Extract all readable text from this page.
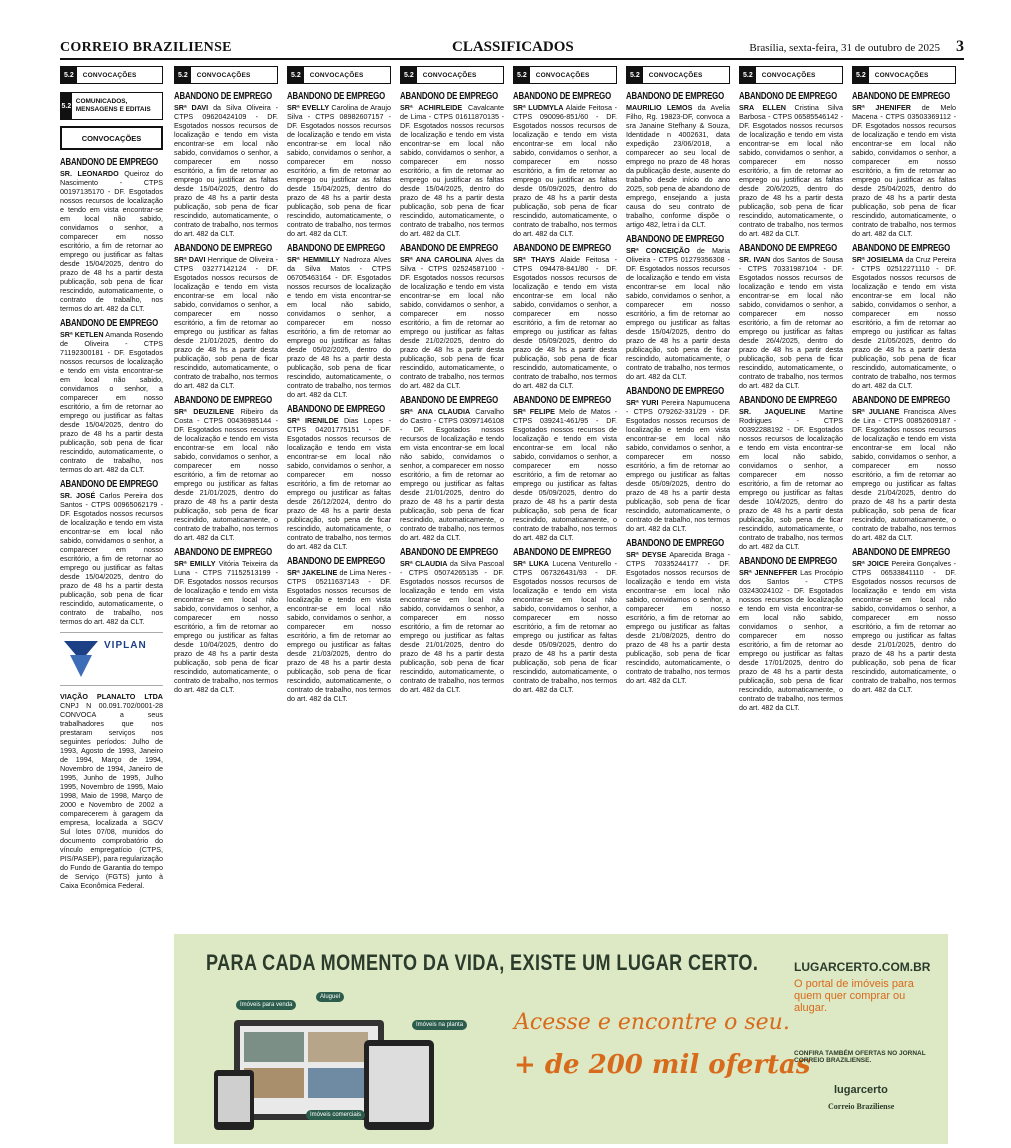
CORREIO BRAZILIENSE	CLASSIFICADOS	Brasília, sexta-feira, 31 de outubro de 2025 3
5.2	CONVOCAÇÕES
5.2
COMUNICADOS, MENSAGENS E EDITAIS
CONVOCAÇÕES
ABANDONO DE EMPREGO
SR. LEONARDO Queiroz do Nascimento - CTPS 00197135170 - DF. Esgotados nossos recursos de localização e tendo em vista encontrar-se em local não sabido, convidamos o senhor, a comparecer em nosso escritório, a fim de retornar ao emprego ou justificar as faltas desde 15/04/2025, dentro do prazo de 48 hs a partir desta publicação, sob pena de ficar rescindido, automaticamente, o contrato de trabalho, nos termos do art. 482 da CLT.
ABANDONO DE EMPREGO
SRª KETLEN Amanda Rosendo de Oliveira - CTPS 71192300181 - DF. Esgotados nossos recursos de localização e tendo em vista encontrar-se em local não sabido, convidamos o senhor, a comparecer em nosso escritório, a fim de retornar ao emprego ou justificar as faltas desde 15/04/2025, dentro do prazo de 48 hs a partir desta publicação, sob pena de ficar rescindido, automaticamente, o contrato de trabalho, nos termos do art. 482 da CLT.
ABANDONO DE EMPREGO
SR. JOSÉ Carlos Pereira dos Santos - CTPS 00965062179 - DF. Esgotados nossos recursos de localização e tendo em vista encontrar-se em local não sabido, convidamos o senhor, a comparecer em nosso escritório, a fim de retornar ao emprego ou justificar as faltas desde 15/04/2025, dentro do prazo de 48 hs a partir desta publicação, sob pena de ficar rescindido, automaticamente, o contrato de trabalho, nos termos do art. 482 da CLT.
VIPLAN
VIAÇÃO PLANALTO LTDA CNPJ N 00.091.702/0001-28 CONVOCA a seus trabalhadores que nos prestaram serviços nos seguintes períodos: Julho de 1993, Agosto de 1993, Janeiro de 1994, Março de 1994, Novembro de 1994, Janeiro de 1995, Junho de 1995, Julho 1995, Novembro de 1995, Maio 1998, Maio de 1998, Março de 2000 e Novembro de 2002 a comparecerem à garagem da empresa, localizada a SGCV Sul lotes 07/08, munidos do documento comprobatório do vínculo empregatício (CTPS, PIS/PASEP), para regularização do Fundo de Garantia do tempo de Serviço (FGTS) junto à Caixa Econômica Federal.
5.2	CONVOCAÇÕES
ABANDONO DE EMPREGO
SRª DAVI da Silva Oliveira - CTPS 09620424109 - DF. Esgotados nossos recursos de localização e tendo em vista encontrar-se em local não sabido, convidamos o senhor, a comparecer em nosso escritório, a fim de retornar ao emprego ou justificar as faltas desde 15/04/2025, dentro do prazo de 48 hs a partir desta publicação, sob pena de ficar rescindido, automaticamente, o contrato de trabalho, nos termos do art. 482 da CLT.
ABANDONO DE EMPREGO
SRª DAVI Henrique de Oliveira - CTPS 03277142124 - DF. Esgotados nossos recursos de localização e tendo em vista encontrar-se em local não sabido, convidamos o senhor, a comparecer em nosso escritório, a fim de retornar ao emprego ou justificar as faltas desde 21/01/2025, dentro do prazo de 48 hs a partir desta publicação, sob pena de ficar rescindido, automaticamente, o contrato de trabalho, nos termos do art. 482 da CLT.
ABANDONO DE EMPREGO
SRª DEUZILENE Ribeiro da Costa - CTPS 00436985144 - DF. Esgotados nossos recursos de localização e tendo em vista encontrar-se em local não sabido, convidamos o senhor, a comparecer em nosso escritório, a fim de retornar ao emprego ou justificar as faltas desde 21/01/2025, dentro do prazo de 48 hs a partir desta publicação, sob pena de ficar rescindido, automaticamente, o contrato de trabalho, nos termos do art. 482 da CLT.
ABANDONO DE EMPREGO
SRª EMILLY Vitória Teixeira da Luna - CTPS 71152513199 - DF. Esgotados nossos recursos de localização e tendo em vista encontrar-se em local não sabido, convidamos o senhor, a comparecer em nosso escritório, a fim de retornar ao emprego ou justificar as faltas desde 10/04/2025, dentro do prazo de 48 hs a partir desta publicação, sob pena de ficar rescindido, automaticamente, o contrato de trabalho, nos termos do art. 482 da CLT.
5.2	CONVOCAÇÕES
ABANDONO DE EMPREGO
SRª EVELLY Carolina de Araujo Silva - CTPS 08982607157 - DF. Esgotados nossos recursos de localização e tendo em vista encontrar-se em local não sabido, convidamos o senhor, a comparecer em nosso escritório, a fim de retornar ao emprego ou justificar as faltas desde 15/04/2025, dentro do prazo de 48 hs a partir desta publicação, sob pena de ficar rescindido, automaticamente, o contrato de trabalho, nos termos do art. 482 da CLT.
ABANDONO DE EMPREGO
SRª HEMMILLY Nadroza Alves da Silva Matos - CTPS 06705463164 - DF. Esgotados nossos recursos de localização e tendo em vista encontrar-se em local não sabido, convidamos o senhor, a comparecer em nosso escritório, a fim de retornar ao emprego ou justificar as faltas desde 05/02/2025, dentro do prazo de 48 hs a partir desta publicação, sob pena de ficar rescindido, automaticamente, o contrato de trabalho, nos termos do art. 482 da CLT.
ABANDONO DE EMPREGO
SRª IRENILDE Dias Lopes - CTPS 04201775151 - DF. Esgotados nossos recursos de localização e tendo em vista encontrar-se em local não sabido, convidamos o senhor, a comparecer em nosso escritório, a fim de retornar ao emprego ou justificar as faltas desde 26/12/2024, dentro do prazo de 48 hs a partir desta publicação, sob pena de ficar rescindido, automaticamente, o contrato de trabalho, nos termos do art. 482 da CLT.
ABANDONO DE EMPREGO
SRª JAKELINE de Lima Neres - CTPS 05211637143 - DF. Esgotados nossos recursos de localização e tendo em vista encontrar-se em local não sabido, convidamos o senhor, a comparecer em nosso escritório, a fim de retornar ao emprego ou justificar as faltas desde 21/03/2025, dentro do prazo de 48 hs a partir desta publicação, sob pena de ficar rescindido, automaticamente, o contrato de trabalho, nos termos do art. 482 da CLT.
5.2	CONVOCAÇÕES
ABANDONO DE EMPREGO
SRª ACHIRLEIDE Cavalcante de Lima - CTPS 01611870135 - DF. Esgotados nossos recursos de localização e tendo em vista encontrar-se em local não sabido, convidamos o senhor, a comparecer em nosso escritório, a fim de retornar ao emprego ou justificar as faltas desde 15/04/2025, dentro do prazo de 48 hs a partir desta publicação, sob pena de ficar rescindido, automaticamente, o contrato de trabalho, nos termos do art. 482 da CLT.
ABANDONO DE EMPREGO
SRª ANA CAROLINA Alves da Silva - CTPS 02524587100 - DF. Esgotados nossos recursos de localização e tendo em vista encontrar-se em local não sabido, convidamos o senhor, a comparecer em nosso escritório, a fim de retornar ao emprego ou justificar as faltas desde 21/02/2025, dentro do prazo de 48 hs a partir desta publicação, sob pena de ficar rescindido, automaticamente, o contrato de trabalho, nos termos do art. 482 da CLT.
ABANDONO DE EMPREGO
SRª ANA CLAUDIA Carvalho do Castro - CTPS 03097146108 - DF. Esgotados nossos recursos de localização e tendo em vista encontrar-se em local não sabido, convidamos o senhor, a comparecer em nosso escritório, a fim de retornar ao emprego ou justificar as faltas desde 21/01/2025, dentro do prazo de 48 hs a partir desta publicação, sob pena de ficar rescindido, automaticamente, o contrato de trabalho, nos termos do art. 482 da CLT.
ABANDONO DE EMPREGO
SRª CLAUDIA da Silva Pascoal - CTPS 05074265135 - DF. Esgotados nossos recursos de localização e tendo em vista encontrar-se em local não sabido, convidamos o senhor, a comparecer em nosso escritório, a fim de retornar ao emprego ou justificar as faltas desde 21/01/2025, dentro do prazo de 48 hs a partir desta publicação, sob pena de ficar rescindido, automaticamente, o contrato de trabalho, nos termos do art. 482 da CLT.
5.2	CONVOCAÇÕES
ABANDONO DE EMPREGO
SRª LUDMYLA Alaide Feitosa - CTPS 090096-851/60 - DF. Esgotados nossos recursos de localização e tendo em vista encontrar-se em local não sabido, convidamos o senhor, a comparecer em nosso escritório, a fim de retornar ao emprego ou justificar as faltas desde 05/09/2025, dentro do prazo de 48 hs a partir desta publicação, sob pena de ficar rescindido, automaticamente, o contrato de trabalho, nos termos do art. 482 da CLT.
ABANDONO DE EMPREGO
SRª THAYS Alaide Feitosa - CTPS 094478-841/80 - DF. Esgotados nossos recursos de localização e tendo em vista encontrar-se em local não sabido, convidamos o senhor, a comparecer em nosso escritório, a fim de retornar ao emprego ou justificar as faltas desde 05/09/2025, dentro do prazo de 48 hs a partir desta publicação, sob pena de ficar rescindido, automaticamente, o contrato de trabalho, nos termos do art. 482 da CLT.
ABANDONO DE EMPREGO
SRª FELIPE Melo de Matos - CTPS 039241-461/95 - DF. Esgotados nossos recursos de localização e tendo em vista encontrar-se em local não sabido, convidamos o senhor, a comparecer em nosso escritório, a fim de retornar ao emprego ou justificar as faltas desde 05/09/2025, dentro do prazo de 48 hs a partir desta publicação, sob pena de ficar rescindido, automaticamente, o contrato de trabalho, nos termos do art. 482 da CLT.
ABANDONO DE EMPREGO
SRª LUKA Lucena Venturello - CTPS 067326431/93 - DF. Esgotados nossos recursos de localização e tendo em vista encontrar-se em local não sabido, convidamos o senhor, a comparecer em nosso escritório, a fim de retornar ao emprego ou justificar as faltas desde 05/09/2025, dentro do prazo de 48 hs a partir desta publicação, sob pena de ficar rescindido, automaticamente, o contrato de trabalho, nos termos do art. 482 da CLT.
5.2	CONVOCAÇÕES
ABANDONO DE EMPREGO
MAURILIO LEMOS da Avelia Filho, Rg. 19823-DF, convoca a sra Janaine Stefhany & Souza, Identidade n 4002631, data expedição 23/06/2018, a comparecer ao seu local de emprego no prazo de 48 horas da publicação deste, ausente do trabalho desde início do ano 2025, sob pena de abandono de emprego, ensejando a justa causa do seu contrato de trabalho, conforme dispõe o artigo 482, letra i da CLT.
ABANDONO DE EMPREGO
SRª CONCEIÇÃO de Maria Oliveira - CTPS 01279356308 - DF. Esgotados nossos recursos de localização e tendo em vista encontrar-se em local não sabido, convidamos o senhor, a comparecer em nosso escritório, a fim de retornar ao emprego ou justificar as faltas desde 15/04/2025, dentro do prazo de 48 hs a partir desta publicação, sob pena de ficar rescindido, automaticamente, o contrato de trabalho, nos termos do art. 482 da CLT.
ABANDONO DE EMPREGO
SRª YURI Pereira Napumucena - CTPS 079262-331/29 - DF. Esgotados nossos recursos de localização e tendo em vista encontrar-se em local não sabido, convidamos o senhor, a comparecer em nosso escritório, a fim de retornar ao emprego ou justificar as faltas desde 05/09/2025, dentro do prazo de 48 hs a partir desta publicação, sob pena de ficar rescindido, automaticamente, o contrato de trabalho, nos termos do art. 482 da CLT.
ABANDONO DE EMPREGO
SRª DEYSE Aparecida Braga - CTPS 70335244177 - DF. Esgotados nossos recursos de localização e tendo em vista encontrar-se em local não sabido, convidamos o senhor, a comparecer em nosso escritório, a fim de retornar ao emprego ou justificar as faltas desde 21/08/2025, dentro do prazo de 48 hs a partir desta publicação, sob pena de ficar rescindido, automaticamente, o contrato de trabalho, nos termos do art. 482 da CLT.
5.2	CONVOCAÇÕES
ABANDONO DE EMPREGO
SRA ELLEN Cristina Silva Barbosa - CTPS 06585546142 - DF. Esgotados nossos recursos de localização e tendo em vista encontrar-se em local não sabido, convidamos o senhor, a comparecer em nosso escritório, a fim de retornar ao emprego ou justificar as faltas desde 20/6/2025, dentro do prazo de 48 hs a partir desta publicação, sob pena de ficar rescindido, automaticamente, o contrato de trabalho, nos termos do art. 482 da CLT.
ABANDONO DE EMPREGO
SR. IVAN dos Santos de Sousa - CTPS 70331987104 - DF. Esgotados nossos recursos de localização e tendo em vista encontrar-se em local não sabido, convidamos o senhor, a comparecer em nosso escritório, a fim de retornar ao emprego ou justificar as faltas desde 26/4/2025, dentro do prazo de 48 hs a partir desta publicação, sob pena de ficar rescindido, automaticamente, o contrato de trabalho, nos termos do art. 482 da CLT.
ABANDONO DE EMPREGO
SR. JAQUELINE Martine Rodrigues - CTPS 00392288192 - DF. Esgotados nossos recursos de localização e tendo em vista encontrar-se em local não sabido, convidamos o senhor, a comparecer em nosso escritório, a fim de retornar ao emprego ou justificar as faltas desde 10/4/2025, dentro do prazo de 48 hs a partir desta publicação, sob pena de ficar rescindido, automaticamente, o contrato de trabalho, nos termos do art. 482 da CLT.
ABANDONO DE EMPREGO
SRª JENNEFFER Las Procópio dos Santos - CTPS 03243024102 - DF. Esgotados nossos recursos de localização e tendo em vista encontrar-se em local não sabido, convidamos o senhor, a comparecer em nosso escritório, a fim de retornar ao emprego ou justificar as faltas desde 17/01/2025, dentro do prazo de 48 hs a partir desta publicação, sob pena de ficar rescindido, automaticamente, o contrato de trabalho, nos termos do art. 482 da CLT.
5.2	CONVOCAÇÕES
ABANDONO DE EMPREGO
SRª JHENIFER de Melo Macena - CTPS 03503369112 - DF. Esgotados nossos recursos de localização e tendo em vista encontrar-se em local não sabido, convidamos o senhor, a comparecer em nosso escritório, a fim de retornar ao emprego ou justificar as faltas desde 25/04/2025, dentro do prazo de 48 hs a partir desta publicação, sob pena de ficar rescindido, automaticamente, o contrato de trabalho, nos termos do art. 482 da CLT.
ABANDONO DE EMPREGO
SRª JOSIELMA da Cruz Pereira - CTPS 02512271110 - DF. Esgotados nossos recursos de localização e tendo em vista encontrar-se em local não sabido, convidamos o senhor, a comparecer em nosso escritório, a fim de retornar ao emprego ou justificar as faltas desde 21/05/2025, dentro do prazo de 48 hs a partir desta publicação, sob pena de ficar rescindido, automaticamente, o contrato de trabalho, nos termos do art. 482 da CLT.
ABANDONO DE EMPREGO
SRª JULIANE Francisca Alves de Lira - CTPS 00852609187 - DF. Esgotados nossos recursos de localização e tendo em vista encontrar-se em local não sabido, convidamos o senhor, a comparecer em nosso escritório, a fim de retornar ao emprego ou justificar as faltas desde 21/04/2025, dentro do prazo de 48 hs a partir desta publicação, sob pena de ficar rescindido, automaticamente, o contrato de trabalho, nos termos do art. 482 da CLT.
ABANDONO DE EMPREGO
SRª JOICE Pereira Gonçalves - CTPS 06533841110 - DF. Esgotados nossos recursos de localização e tendo em vista encontrar-se em local não sabido, convidamos o senhor, a comparecer em nosso escritório, a fim de retornar ao emprego ou justificar as faltas desde 21/01/2025, dentro do prazo de 48 hs a partir desta publicação, sob pena de ficar rescindido, automaticamente, o contrato de trabalho, nos termos do art. 482 da CLT.
PARA CADA MOMENTO DA VIDA, EXISTE UM LUGAR CERTO.
Imóveis para venda
Aluguel
Imóveis na planta
Imóveis comerciais
Acesse e encontre o seu.
+ de 200 mil ofertas
LUGARCERTO.COM.BR
O portal de imóveis para quem quer comprar ou alugar.
CONFIRA TAMBÉM OFERTAS NO JORNAL CORREIO BRAZILIENSE.
lugarcerto
Correio Braziliense
